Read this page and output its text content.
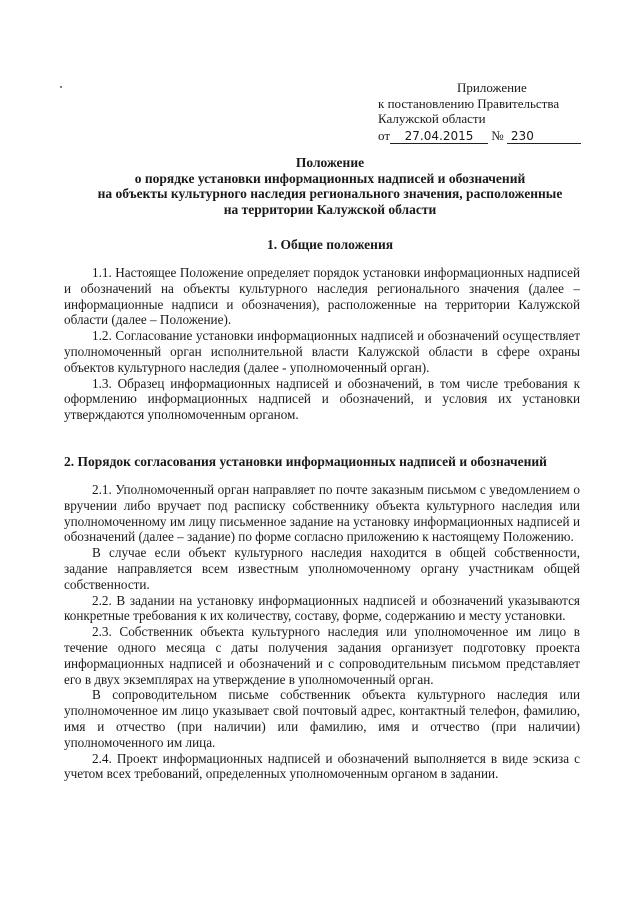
Приложение
к постановлению Правительства
Калужской области
от 27.04.2015 № 230
Положение
о порядке установки информационных надписей и обозначений
на объекты культурного наследия регионального значения, расположенные
на территории Калужской области
1. Общие положения

1.1. Настоящее Положение определяет порядок установки информационных надписей и обозначений на объекты культурного наследия регионального значения (далее – информационные надписи и обозначения), расположенные на территории Калужской области (далее – Положение).

1.2. Согласование установки информационных надписей и обозначений осуществляет уполномоченный орган исполнительной власти Калужской области в сфере охраны объектов культурного наследия (далее - уполномоченный орган).

1.3. Образец информационных надписей и обозначений, в том числе требования к оформлению информационных надписей и обозначений, и условия их установки утверждаются уполномоченным органом.

2. Порядок согласования установки информационных надписей и обозначений

2.1. Уполномоченный орган направляет по почте заказным письмом с уведомлением о вручении либо вручает под расписку собственнику объекта культурного наследия или уполномоченному им лицу письменное задание на установку информационных надписей и обозначений (далее – задание) по форме согласно приложению к настоящему Положению.

В случае если объект культурного наследия находится в общей собственности, задание направляется всем известным уполномоченному органу участникам общей собственности.

2.2. В задании на установку информационных надписей и обозначений указываются конкретные требования к их количеству, составу, форме, содержанию и месту установки.

2.3. Собственник объекта культурного наследия или уполномоченное им лицо в течение одного месяца с даты получения задания организует подготовку проекта информационных надписей и обозначений и с сопроводительным письмом представляет его в двух экземплярах на утверждение в уполномоченный орган.

В сопроводительном письме собственник объекта культурного наследия или уполномоченное им лицо указывает свой почтовый адрес, контактный телефон, фамилию, имя и отчество (при наличии) или фамилию, имя и отчество (при наличии) уполномоченного им лица.

2.4. Проект информационных надписей и обозначений выполняется в виде эскиза с учетом всех требований, определенных уполномоченным органом в задании.
